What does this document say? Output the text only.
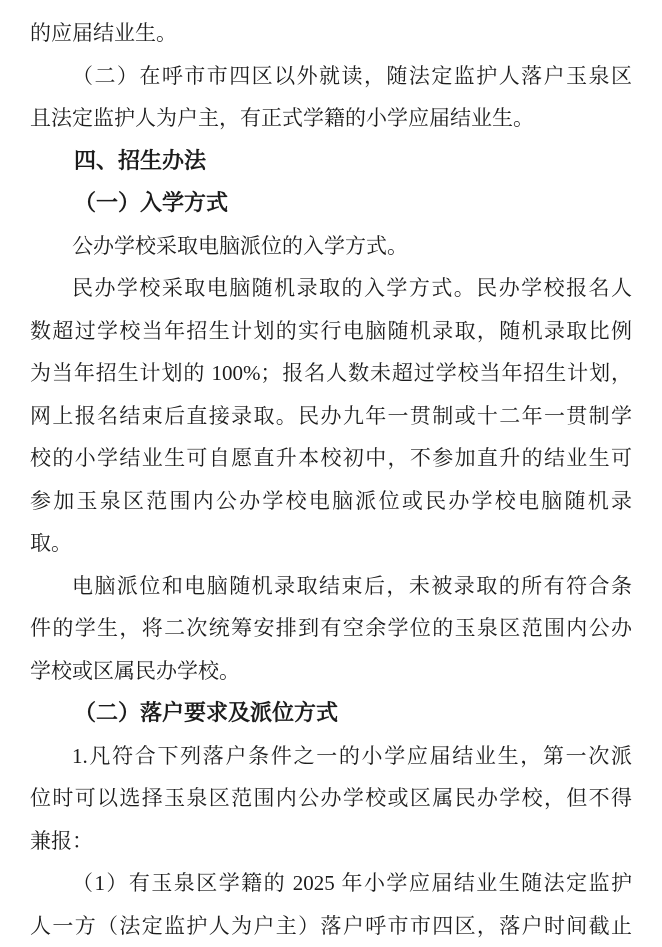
的应届结业生。
（二）在呼市市四区以外就读，随法定监护人落户玉泉区
且法定监护人为户主，有正式学籍的小学应届结业生。
四、招生办法
（一）入学方式
公办学校采取电脑派位的入学方式。
民办学校采取电脑随机录取的入学方式。民办学校报名人
数超过学校当年招生计划的实行电脑随机录取，随机录取比例
为当年招生计划的 100%；报名人数未超过学校当年招生计划，
网上报名结束后直接录取。民办九年一贯制或十二年一贯制学
校的小学结业生可自愿直升本校初中，不参加直升的结业生可
参加玉泉区范围内公办学校电脑派位或民办学校电脑随机录
取。
电脑派位和电脑随机录取结束后，未被录取的所有符合条
件的学生，将二次统筹安排到有空余学位的玉泉区范围内公办
学校或区属民办学校。
（二）落户要求及派位方式
1.凡符合下列落户条件之一的小学应届结业生，第一次派
位时可以选择玉泉区范围内公办学校或区属民办学校，但不得
兼报：
（1）有玉泉区学籍的 2025 年小学应届结业生随法定监护
人一方（法定监护人为户主）落户呼市市四区，落户时间截止
